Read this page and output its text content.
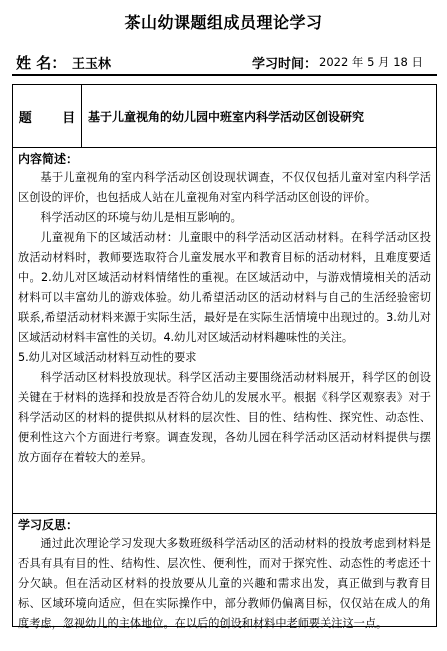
茶山幼课题组成员理论学习
姓 名： 王玉林	学习时间： 2022 年 5 月 18 日
题 目	基于儿童视角的幼儿园中班室内科学活动区创设研究
内容简述：

基于儿童视角的室内科学活动区创设现状调查，不仅仅包括儿童对室内科学活区创设的评价，也包括成人站在儿童视角对室内科学活动区创设的评价。

科学活动区的环境与幼儿是相互影响的。

儿童视角下的区域活动材：儿童眼中的科学活动区活动材料。在科学活动区投放活动材料时，教师要选取符合儿童发展水平和教育目标的活动材料，且难度要适中。2.幼儿对区域活动材料情绪性的重视。在区域活动中，与游戏情境相关的活动材料可以丰富幼儿的游戏体验。幼儿希望活动区的活动材料与自己的生活经验密切联系,希望活动材料来源于实际生活，最好是在实际生活情境中出现过的。3.幼儿对区域活动材料丰富性的关切。4.幼儿对区域活动材料趣味性的关注。

5.幼儿对区域活动材料互动性的要求

科学活动区材料投放现状。科学区活动主要围绕活动材料展开，科学区的创设关键在于材料的选择和投放是否符合幼儿的发展水平。根据《科学区观察表》对于科学活动区的材料的提供拟从材料的层次性、目的性、结构性、探究性、动态性、便利性这六个方面进行考察。调查发现，各幼儿园在科学活动区活动材料提供与摆放方面存在着较大的差异。

学习反思：

通过此次理论学习发现大多数班级科学活动区的活动材料的投放考虑到材料是否具有具有目的性、结构性、层次性、便利性，而对于探究性、动态性的考虑还十分欠缺。但在活动区材料的投放要从儿童的兴趣和需求出发，真正做到与教育目标、区域环境向适应，但在实际操作中，部分教师仍偏离目标，仅仅站在成人的角度考虑，忽视幼儿的主体地位。在以后的创设和材料中老师要关注这一点。
